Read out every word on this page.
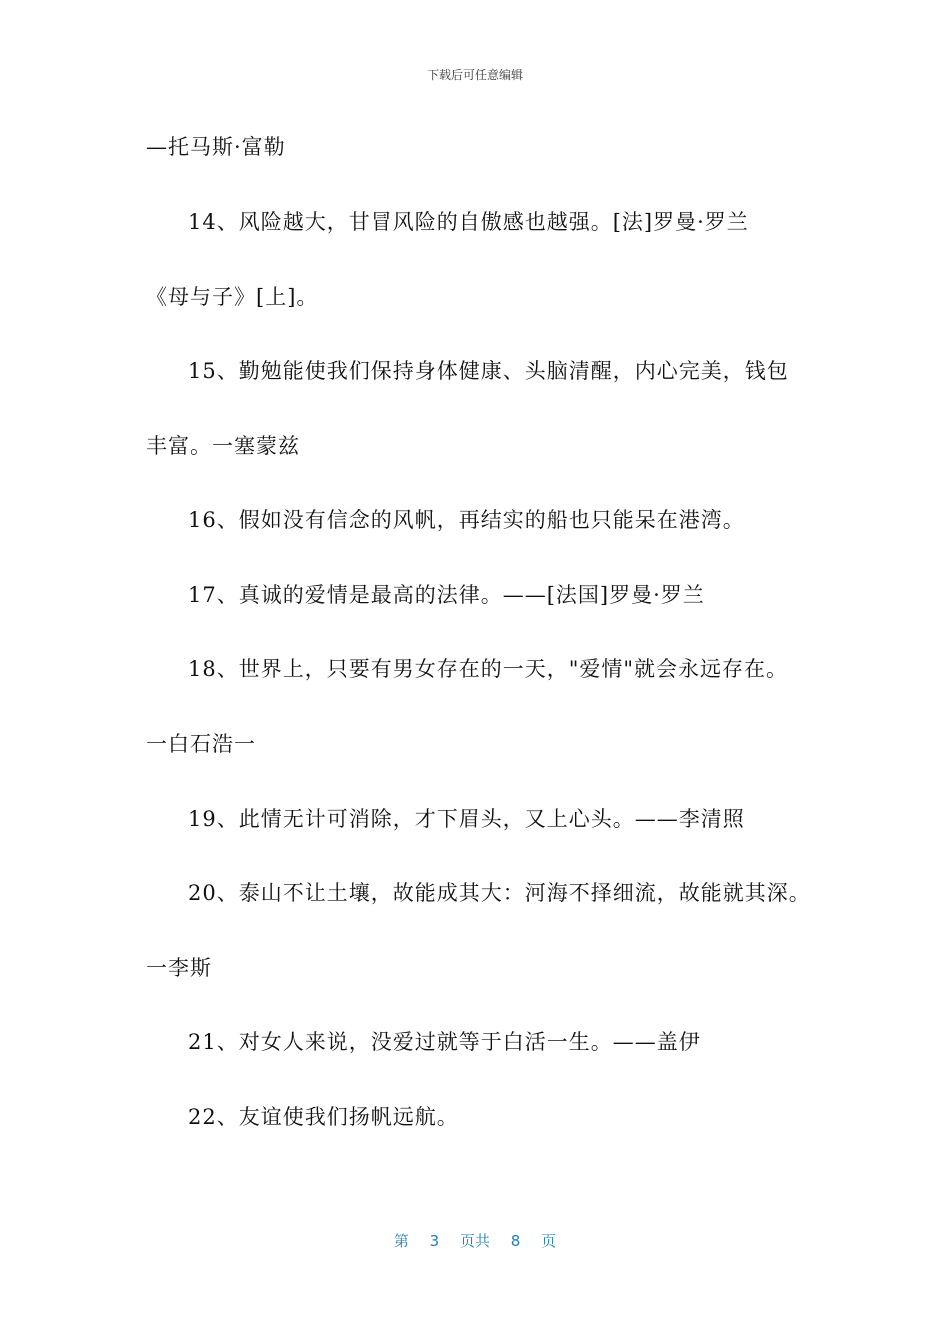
下载后可任意编辑
—托马斯·富勒
14、风险越大，甘冒风险的自傲感也越强。[法]罗曼·罗兰
《母与子》[上]。
15、勤勉能使我们保持身体健康、头脑清醒，内心完美，钱包
丰富。一塞蒙兹
16、假如没有信念的风帆，再结实的船也只能呆在港湾。
17、真诚的爱情是最高的法律。——[法国]罗曼·罗兰
18、世界上，只要有男女存在的一天，"爱情"就会永远存在。
一白石浩一
19、此情无计可消除，才下眉头，又上心头。——李清照
20、泰山不让土壤，故能成其大：河海不择细流，故能就其深。
一李斯
21、对女人来说，没爱过就等于白活一生。——盖伊
22、友谊使我们扬帆远航。
第 3 页共 8 页
